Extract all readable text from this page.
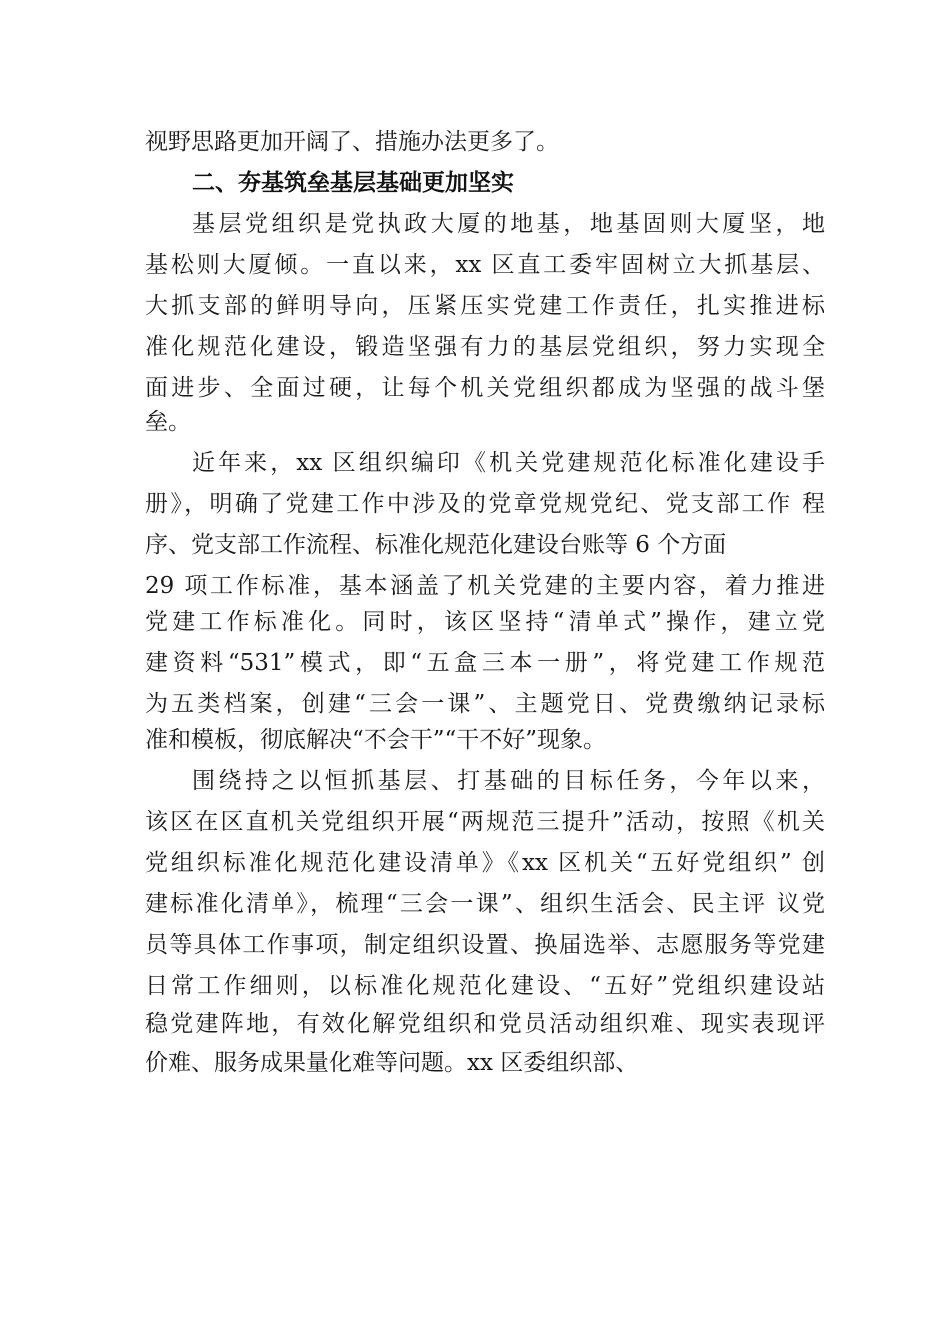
视野思路更加开阔了、措施办法更多了。
二、夯基筑垒基层基础更加坚实
基层党组织是党执政大厦的地基，地基固则大厦坚，地
基松则大厦倾。一直以来，xx 区直工委牢固树立大抓基层、
大抓支部的鲜明导向，压紧压实党建工作责任，扎实推进标
准化规范化建设，锻造坚强有力的基层党组织，努力实现全
面进步、全面过硬，让每个机关党组织都成为坚强的战斗堡
垒。
近年来，xx 区组织编印《机关党建规范化标准化建设手
册》，明确了党建工作中涉及的党章党规党纪、党支部工作 程
序、党支部工作流程、标准化规范化建设台账等 6 个方面
29 项工作标准，基本涵盖了机关党建的主要内容，着力推进
党建工作标准化。同时，该区坚持“清单式”操作，建立党
建资料“531”模式，即“五盒三本一册”，将党建工作规范
为五类档案，创建“三会一课”、主题党日、党费缴纳记录标
准和模板，彻底解决“不会干”“干不好”现象。
围绕持之以恒抓基层、打基础的目标任务，今年以来，
该区在区直机关党组织开展“两规范三提升”活动，按照《机关
党组织标准化规范化建设清单》《xx 区机关“五好党组织” 创
建标准化清单》，梳理“三会一课”、组织生活会、民主评 议党
员等具体工作事项，制定组织设置、换届选举、志愿服务等党建
日常工作细则，以标准化规范化建设、“五好”党组织建设站
稳党建阵地，有效化解党组织和党员活动组织难、现实表现评
价难、服务成果量化难等问题。xx 区委组织部、
